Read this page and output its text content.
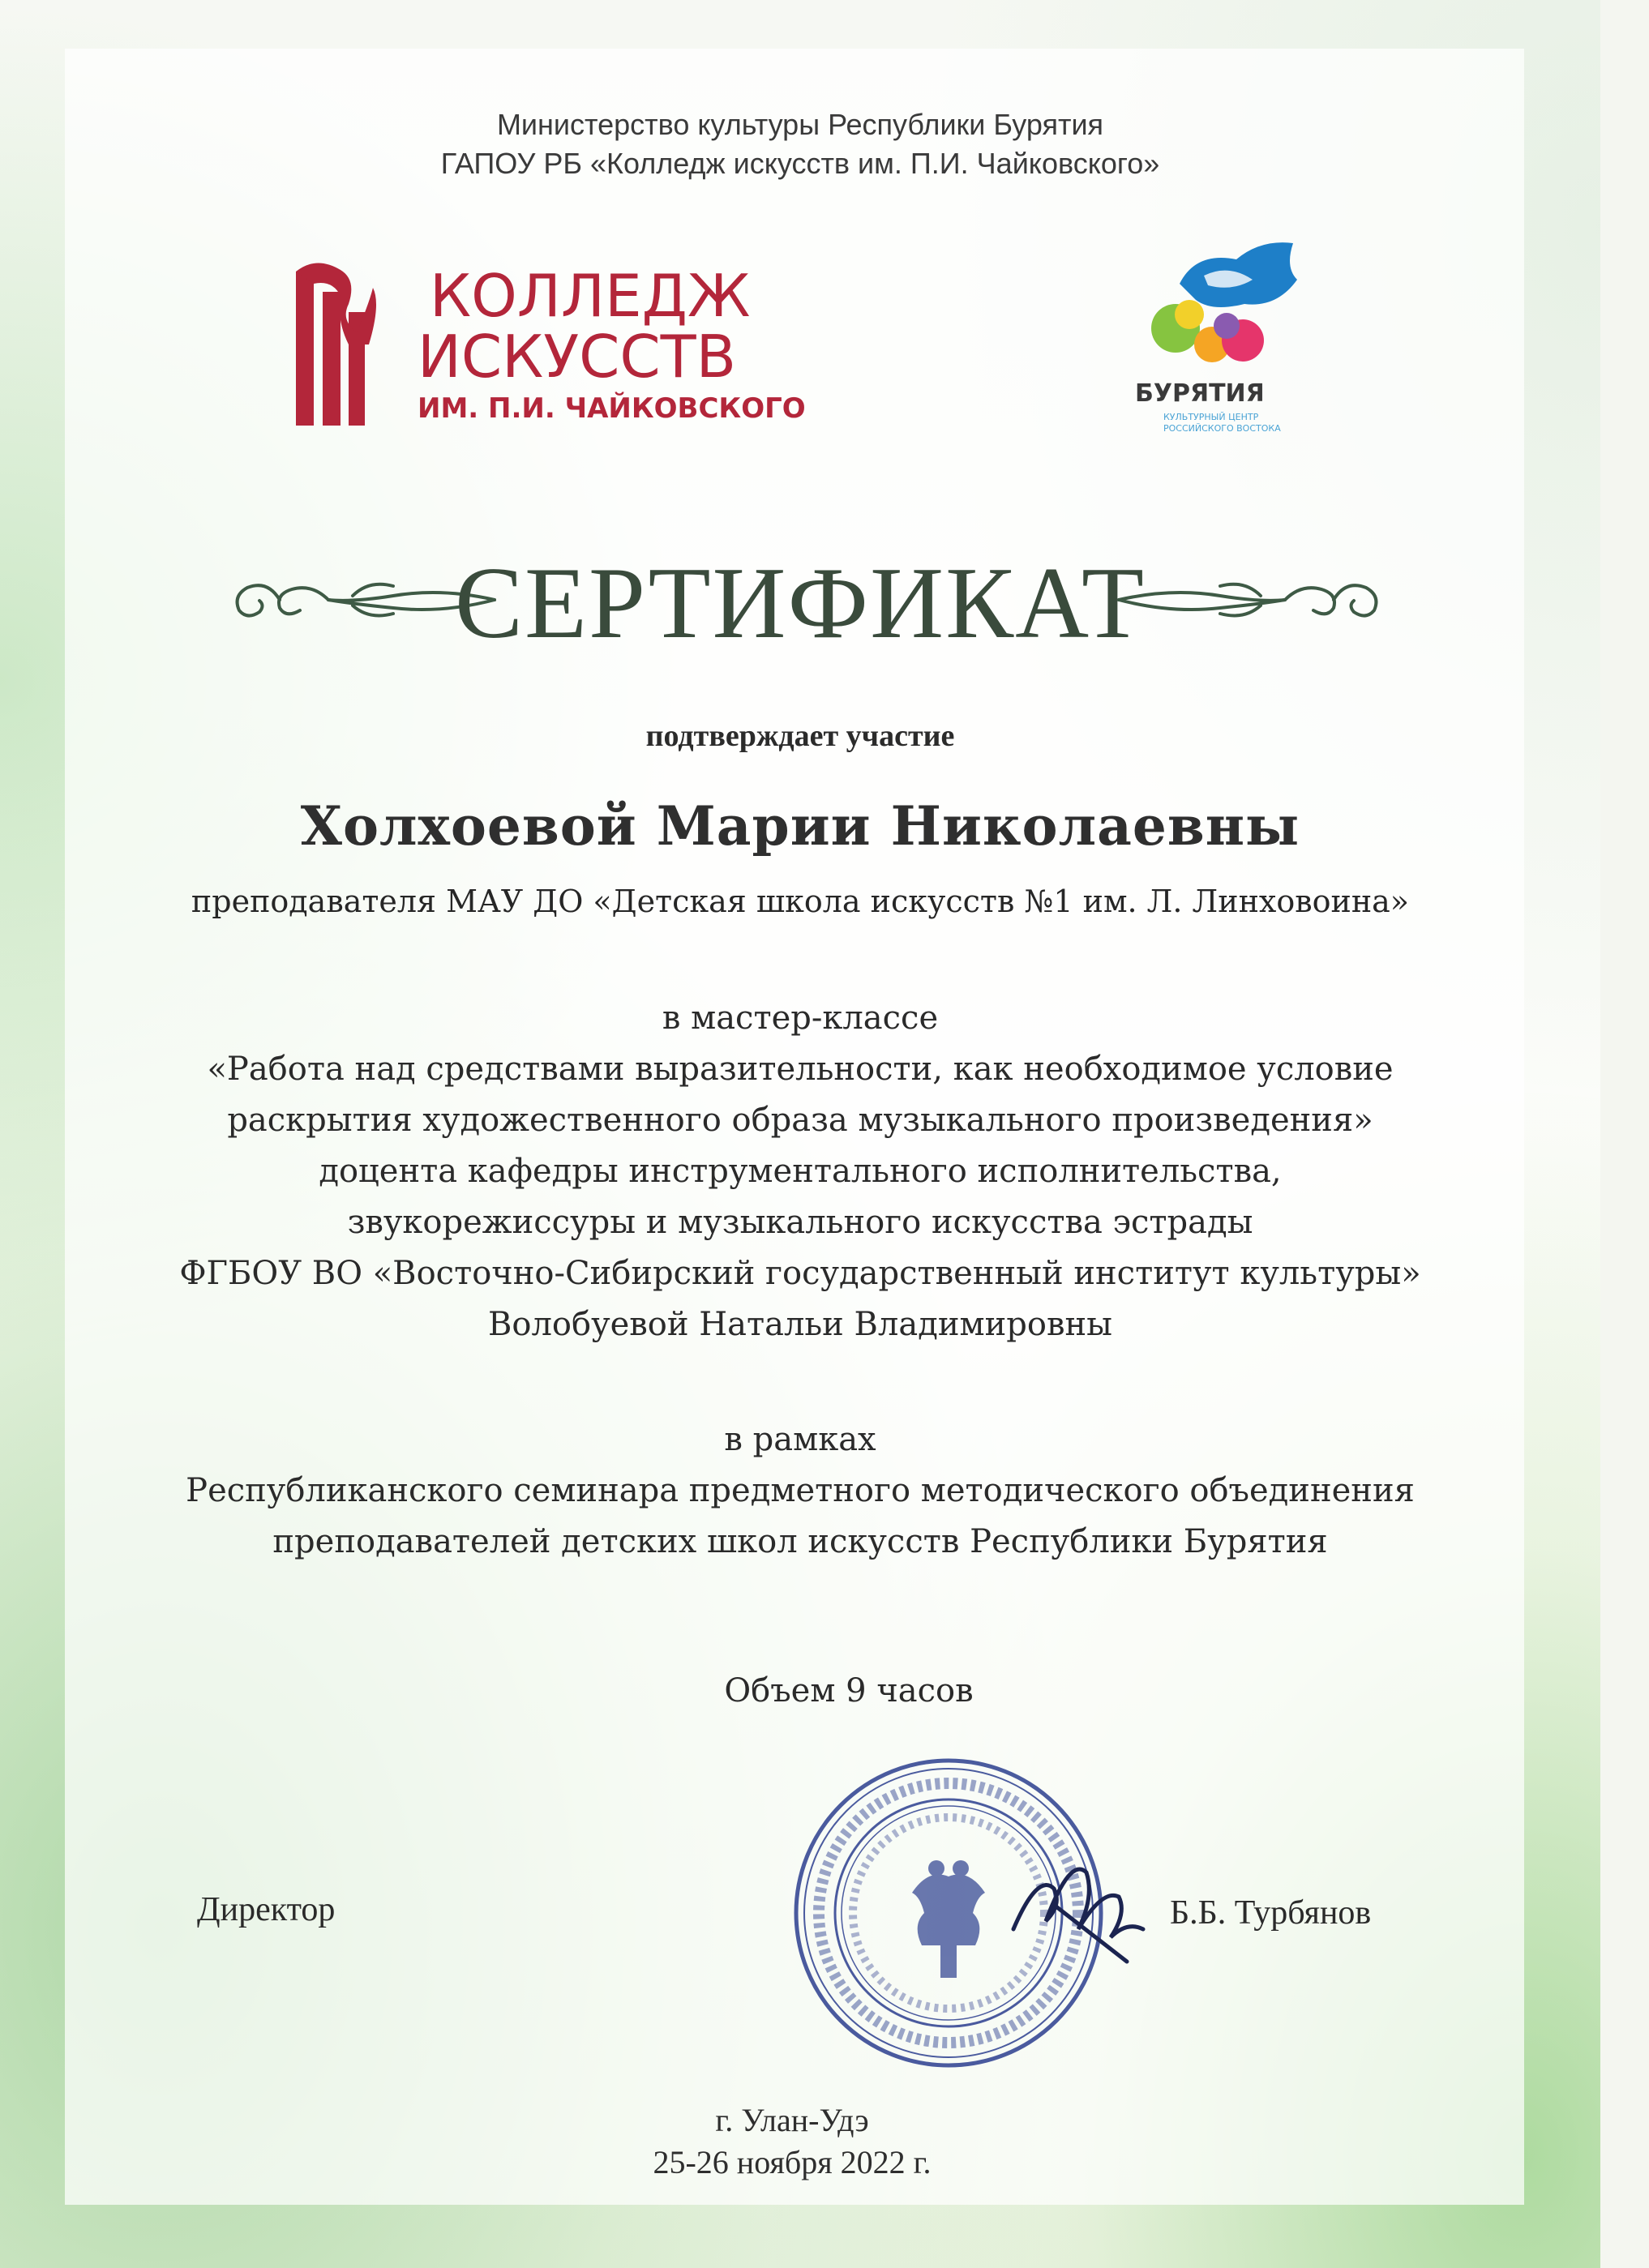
Министерство культуры Республики Бурятия
ГАПОУ РБ «Колледж искусств им. П.И. Чайковского»
КОЛЛЕДЖ
ИСКУССТВ
ИМ. П.И. ЧАЙКОВСКОГО	БУРЯТИЯ
КУЛЬТУРНЫЙ ЦЕНТР
РОССИЙСКОГО ВОСТОКА
СЕРТИФИКАТ
подтверждает участие
Холхоевой Марии Николаевны
преподавателя МАУ ДО «Детская школа искусств №1 им. Л. Линховоина»
в мастер-классе
«Работа над средствами выразительности, как необходимое условие
раскрытия художественного образа музыкального произведения»
доцента кафедры инструментального исполнительства,
звукорежиссуры и музыкального искусства эстрады
ФГБОУ ВО «Восточно-Сибирский государственный институт культуры»
Волобуевой Натальи Владимировны
в рамках
Республиканского семинара предметного методического объединения
преподавателей детских школ искусств Республики Бурятия
Объем 9 часов
Директор	Б.Б. Турбянов
г. Улан-Удэ
25-26 ноября 2022 г.
